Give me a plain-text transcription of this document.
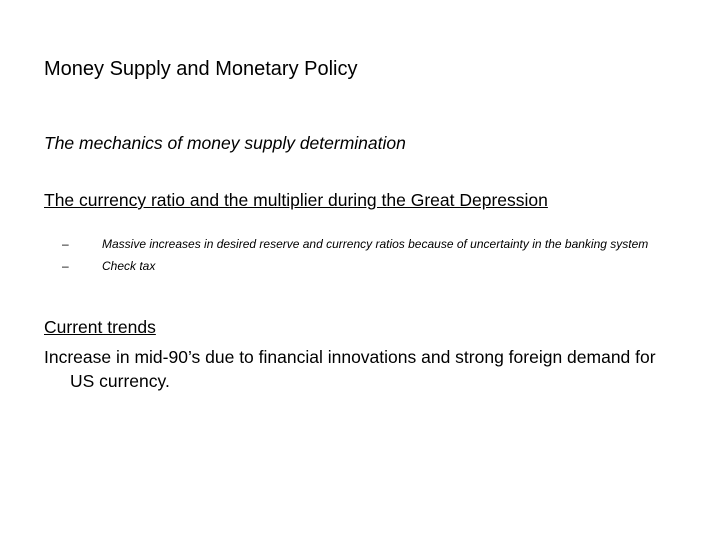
Money Supply and Monetary Policy
The mechanics of money supply determination
The currency ratio and the multiplier during the Great Depression
–	Massive increases in desired reserve and currency ratios because of uncertainty in the banking system
–	Check tax
Current trends
Increase in mid-90’s due to financial innovations and strong foreign demand for US currency.
